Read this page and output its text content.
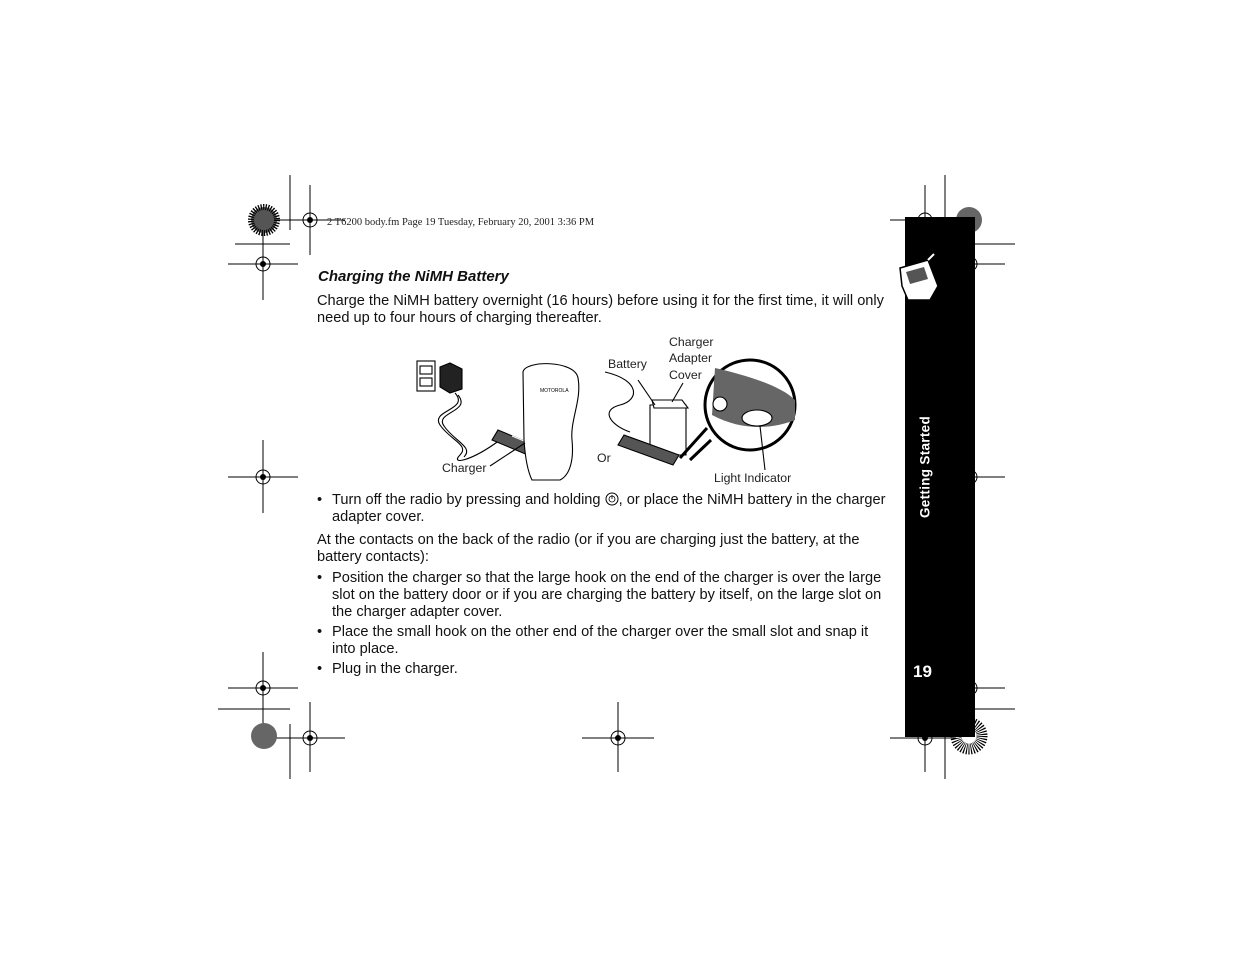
2 T6200 body.fm Page 19 Tuesday, February 20, 2001 3:36 PM
Charging the NiMH Battery
Charge the NiMH battery overnight (16 hours) before using it for the first time, it will only need up to four hours of charging thereafter.
MOTOROLA
Battery
Charger
Adapter
Cover
Charger
Or
Light Indicator
• Turn off the radio by pressing and holding , or place the NiMH battery in the charger adapter cover.
At the contacts on the back of the radio (or if you are charging just the battery, at the battery contacts):
• Position the charger so that the large hook on the end of the charger is over the large slot on the battery door or if you are charging the battery by itself, on the large slot on the charger adapter cover.
• Place the small hook on the other end of the charger over the small slot and snap it into place.
• Plug in the charger.
Getting Started
19
